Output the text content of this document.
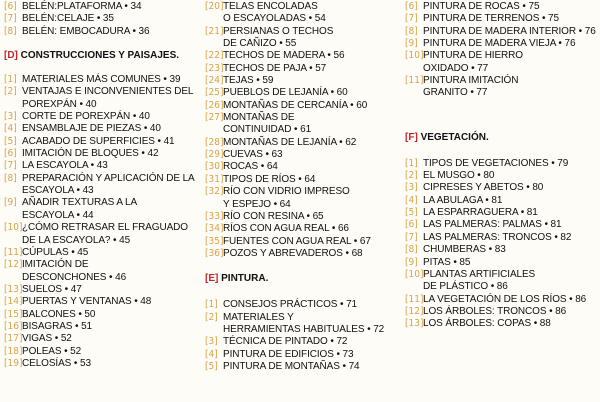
[6] BELÉN:PLATAFORMA • 34
[7] BELÉN:CELAJE • 35
[8] BELÉN: EMBOCADURA • 36
[D] CONSTRUCCIONES Y PAISAJES.
[1] MATERIALES MÁS COMUNES • 39
[2] VENTAJAS E INCONVENIENTES DEL
POREXPÁN • 40
[3] CORTE DE POREXPÁN • 40
[4] ENSAMBLAJE DE PIEZAS • 40
[5] ACABADO DE SUPERFICIES • 41
[6] IMITACIÓN DE BLOQUES • 42
[7] LA ESCAYOLA • 43
[8] PREPARACIÓN Y APLICACIÓN DE LA
ESCAYOLA • 43
[9] AÑADIR TEXTURAS A LA
ESCAYOLA • 44
[10] ¿CÓMO RETRASAR EL FRAGUADO
DE LA ESCAYOLA? • 45
[11] CÚPULAS • 45
[12] IMITACIÓN DE
DESCONCHONES • 46
[13] SUELOS • 47
[14] PUERTAS Y VENTANAS • 48
[15] BALCONES • 50
[16] BISAGRAS • 51
[17] VIGAS • 52
[18] POLEAS • 52
[19] CELOSÍAS • 53
[20] TELAS ENCOLADAS
O ESCAYOLADAS • 54
[21] PERSIANAS O TECHOS
DE CAÑIZO • 55
[22] TECHOS DE MADERA • 56
[23] TECHOS DE PAJA • 57
[24] TEJAS • 59
[25] PUEBLOS DE LEJANÍA • 60
[26] MONTAÑAS DE CERCANÍA • 60
[27] MONTAÑAS DE
CONTINUIDAD • 61
[28] MONTAÑAS DE LEJANÍA • 62
[29] CUEVAS • 63
[30] ROCAS • 64
[31] TIPOS DE RÍOS • 64
[32] RÍO CON VIDRIO IMPRESO
Y ESPEJO • 64
[33] RÍO CON RESINA • 65
[34] RÍOS CON AGUA REAL • 66
[35] FUENTES CON AGUA REAL • 67
[36] POZOS Y ABREVADEROS • 68
[E] PINTURA.
[1] CONSEJOS PRÁCTICOS • 71
[2] MATERIALES Y
HERRAMIENTAS HABITUALES • 72
[3] TÉCNICA DE PINTADO • 72
[4] PINTURA DE EDIFICIOS • 73
[5] PINTURA DE MONTAÑAS • 74
[6] PINTURA DE ROCAS • 75
[7] PINTURA DE TERRENOS • 75
[8] PINTURA DE MADERA INTERIOR • 76
[9] PINTURA DE MADERA VIEJA • 76
[10] PINTURA DE HIERRO
OXIDADO • 77
[11] PINTURA IMITACIÓN
GRANITO • 77
[F] VEGETACIÓN.
[1] TIPOS DE VEGETACIONES • 79
[2] EL MUSGO • 80
[3] CIPRESES Y ABETOS • 80
[4] LA ABULAGA • 81
[5] LA ESPARRAGUERA • 81
[6] LAS PALMERAS: PALMAS • 81
[7] LAS PALMERAS: TRONCOS • 82
[8] CHUMBERAS • 83
[9] PITAS • 85
[10] PLANTAS ARTIFICIALES
DE PLÁSTICO • 86
[11] LA VEGETACIÓN DE LOS RÍOS • 86
[12] LOS ÁRBOLES: TRONCOS • 86
[13] LOS ÁRBOLES: COPAS • 88
